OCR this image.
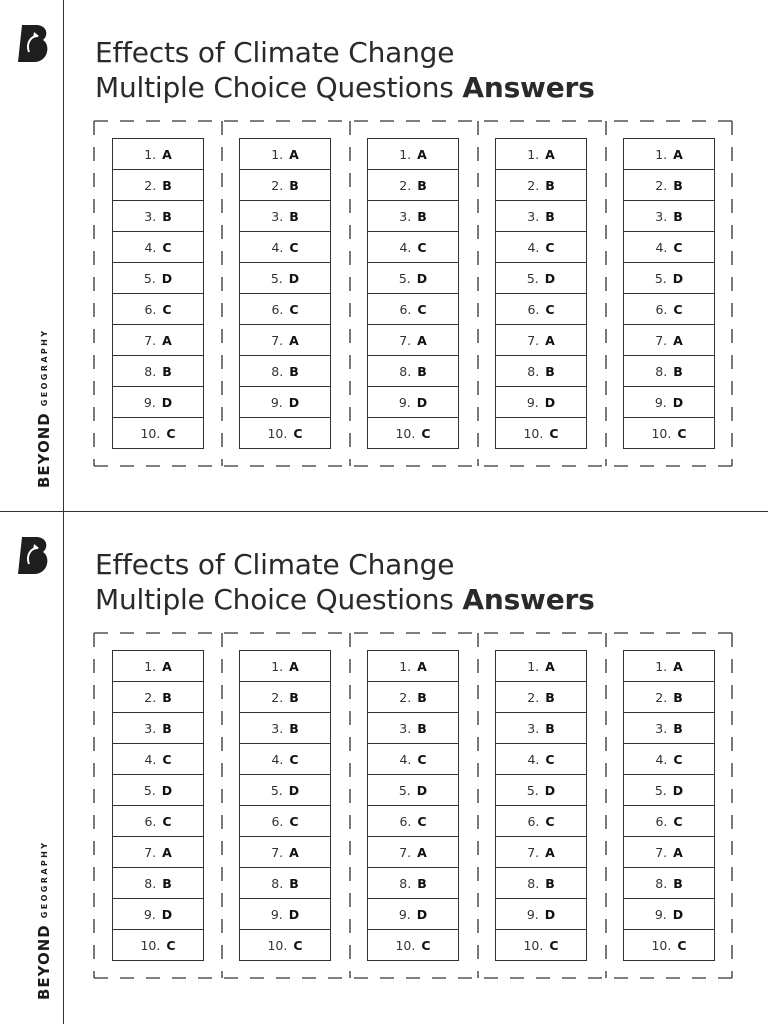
BEYONDGEOGRAPHY
Effects of Climate Change
Multiple Choice Questions Answers
1. A
2. B
3. B
4. C
5. D
6. C
7. A
8. B
9. D
10. C
1. A
2. B
3. B
4. C
5. D
6. C
7. A
8. B
9. D
10. C
1. A
2. B
3. B
4. C
5. D
6. C
7. A
8. B
9. D
10. C
1. A
2. B
3. B
4. C
5. D
6. C
7. A
8. B
9. D
10. C
1. A
2. B
3. B
4. C
5. D
6. C
7. A
8. B
9. D
10. C
BEYONDGEOGRAPHY
Effects of Climate Change
Multiple Choice Questions Answers
1. A
2. B
3. B
4. C
5. D
6. C
7. A
8. B
9. D
10. C
1. A
2. B
3. B
4. C
5. D
6. C
7. A
8. B
9. D
10. C
1. A
2. B
3. B
4. C
5. D
6. C
7. A
8. B
9. D
10. C
1. A
2. B
3. B
4. C
5. D
6. C
7. A
8. B
9. D
10. C
1. A
2. B
3. B
4. C
5. D
6. C
7. A
8. B
9. D
10. C
